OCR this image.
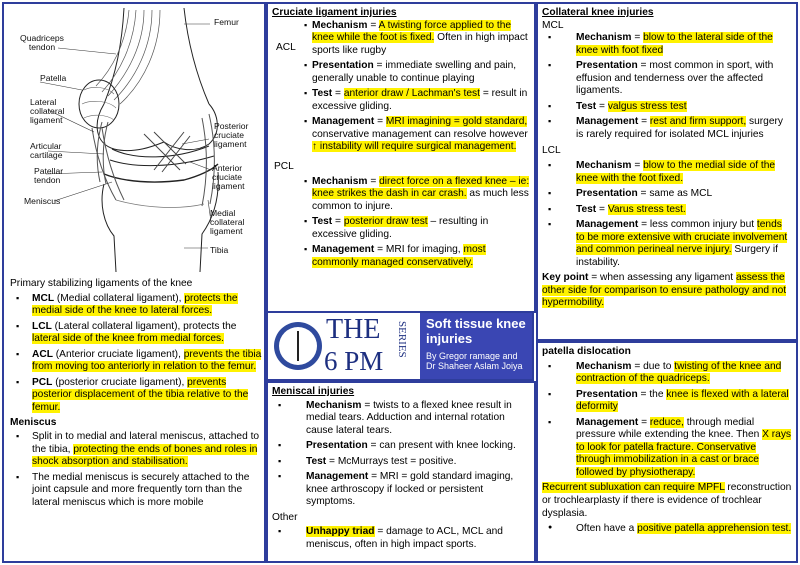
Femur
Quadriceps tendon
Patella
Lateral collateral ligament
Articular cartilage
Patellar tendon
Meniscus
Posterior cruciate ligament
Anterior cruciate ligament
Medial collateral ligament
Tibia
Primary stabilizing ligaments of the knee
▪ MCL (Medial collateral ligament), protects the medial side of the knee to lateral forces.
▪ LCL (Lateral collateral ligament), protects the lateral side of the knee from medial forces.
▪ ACL (Anterior cruciate ligament), prevents the tibia from moving too anteriorly in relation to the femur.
▪ PCL (posterior cruciate ligament), prevents posterior displacement of the tibia relative to the femur.
Meniscus
▪ Split in to medial and lateral meniscus, attached to the tibia, protecting the ends of bones and roles in shock absorption and stabilisation.
▪ The medial meniscus is securely attached to the joint capsule and more frequently torn than the lateral meniscus which is more mobile
Cruciate ligament injuries
ACL
▪ Mechanism = A twisting force applied to the knee while the foot is fixed. Often in high impact sports like rugby
▪ Presentation = immediate swelling and pain, generally unable to continue playing
▪ Test = anterior draw / Lachman's test = result in excessive gliding.
▪ Management = MRI imagining = gold standard, conservative management can resolve however ↑ instability will require surgical management.
PCL
▪ Mechanism = direct force on a flexed knee – ie: knee strikes the dash in car crash. as much less common to injure.
▪ Test = posterior draw test – resulting in excessive gliding.
▪ Management = MRI for imaging, most commonly managed conservatively.
THE
6 PM
SERIES Soft tissue knee injuries
By Gregor ramage and Dr Shaheer Aslam Joiya
Meniscal injuries
▪ Mechanism = twists to a flexed knee result in medial tears. Adduction and internal rotation cause lateral tears.
▪ Presentation = can present with knee locking.
▪ Test = McMurrays test = positive.
▪ Management = MRI = gold standard imaging, knee arthroscopy if locked or persistent symptoms.
Other
▪ Unhappy triad = damage to ACL, MCL and meniscus, often in high impact sports.
Collateral knee injuries
MCL
▪ Mechanism = blow to the lateral side of the knee with foot fixed
▪ Presentation = most common in sport, with effusion and tenderness over the affected ligaments.
▪ Test = valgus stress test
▪ Management = rest and firm support, surgery is rarely required for isolated MCL injuries
LCL
▪ Mechanism = blow to the medial side of the knee with the foot fixed.
▪ Presentation = same as MCL
▪ Test = Varus stress test.
▪ Management = less common injury but tends to be more extensive with cruciate involvement and common perineal nerve injury. Surgery if instability.
Key point = when assessing any ligament assess the other side for comparison to ensure pathology and not hypermobility.
patella dislocation
▪ Mechanism = due to twisting of the knee and contraction of the quadriceps.
▪ Presentation = the knee is flexed with a lateral deformity
▪ Management = reduce, through medial pressure while extending the knee. Then X rays to look for patella fracture. Conservative through immobilization in a cast or brace followed by physiotherapy.
Recurrent subluxation can require MPFL reconstruction or trochlearplasty if there is evidence of trochlear dysplasia.
● Often have a positive patella apprehension test.
